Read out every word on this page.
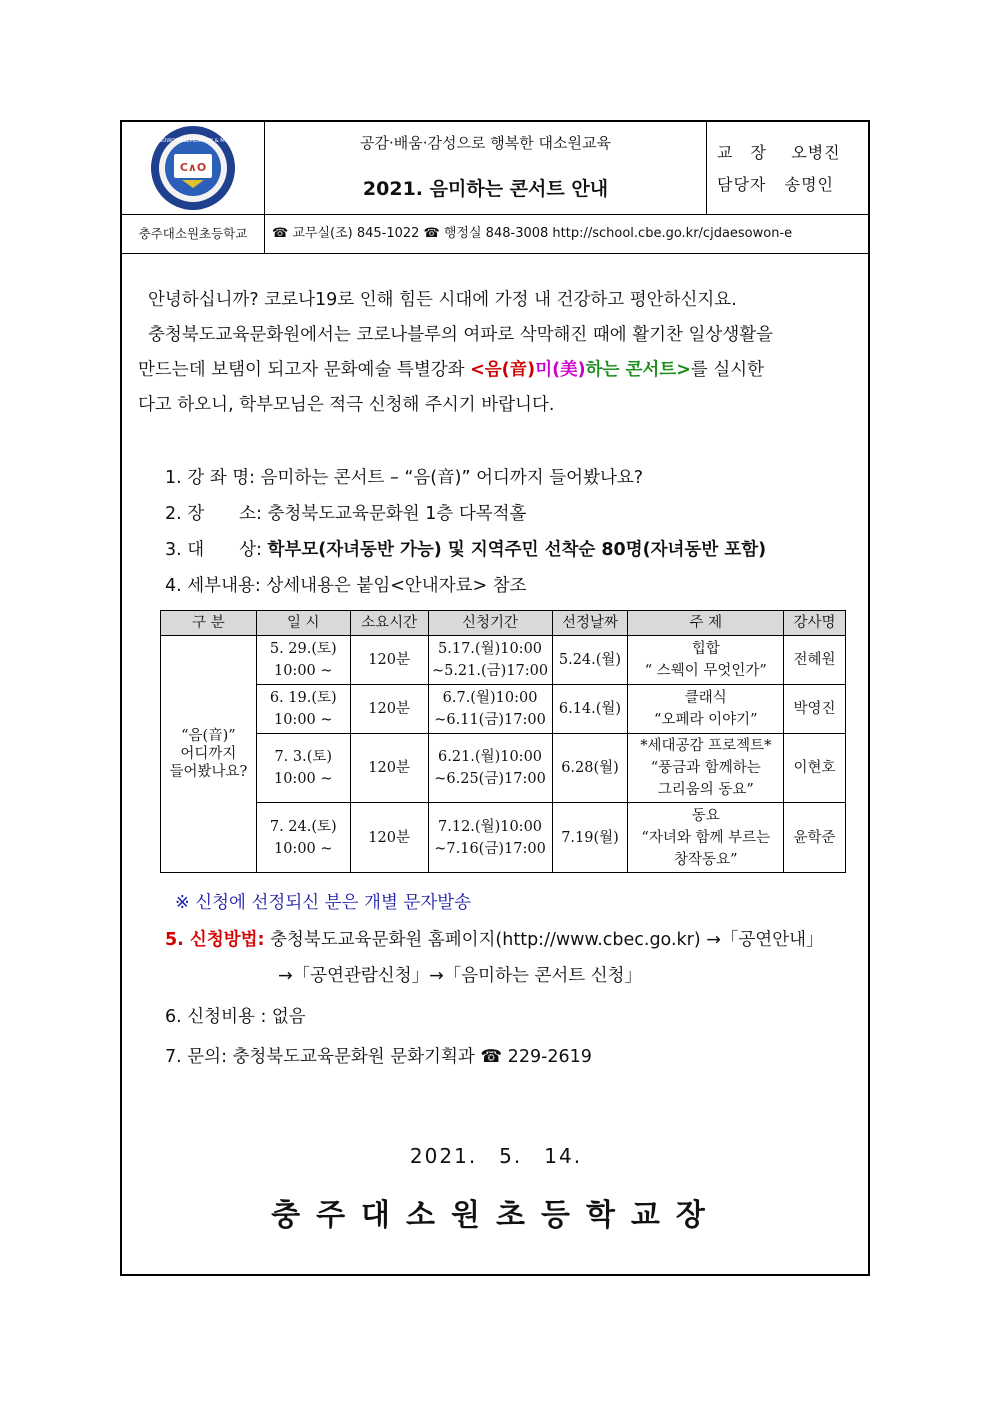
C∧O
CHUNGJU DAESOWON ELEMENTARY & MIDDLE SCHOOL	공감·배움·감성으로 행복한 대소원교육
2021. 음미하는 콘서트 안내
교　장 오병진
담당자 송명인
충주대소원초등학교	☎ 교무실(조) 845-1022 ☎ 행정실 848-3008 http://school.cbe.go.kr/cjdaesowon-e
안녕하십니까? 코로나19로 인해 힘든 시대에 가정 내 건강하고 평안하신지요.
충청북도교육문화원에서는 코로나블루의 여파로 삭막해진 때에 활기찬 일상생활을
만드는데 보탬이 되고자 문화예술 특별강좌 <음(音)미(美)하는 콘서트>를 실시한
다고 하오니, 학부모님은 적극 신청해 주시기 바랍니다.
1. 강 좌 명: 음미하는 콘서트 – “음(音)” 어디까지 들어봤나요?
2. 장　　소: 충청북도교육문화원 1층 다목적홀
3. 대　　상: 학부모(자녀동반 가능) 및 지역주민 선착순 80명(자녀동반 포함)
4. 세부내용: 상세내용은 붙임<안내자료> 참조
구 분	일 시	소요시간	신청기간	선정날짜	주 제	강사명
“음(音)”
어디까지
들어봤나요?	5. 29.(토)
10:00 ~	120분	5.17.(월)10:00
~5.21.(금)17:00	5.24.(월)	힙합
“ 스웩이 무엇인가”	전혜원
	6. 19.(토)
10:00 ~	120분	6.7.(월)10:00
~6.11(금)17:00	6.14.(월)	클래식
“오페라 이야기”	박영진
	7. 3.(토)
10:00 ~	120분	6.21.(월)10:00
~6.25(금)17:00	6.28(월)	*세대공감 프로젝트*
“풍금과 함께하는
그리움의 동요”	이현호
	7. 24.(토)
10:00 ~	120분	7.12.(월)10:00
~7.16(금)17:00	7.19(월)	동요
“자녀와 함께 부르는
창작동요”	윤학준
※ 신청에 선정되신 분은 개별 문자발송
5. 신청방법: 충청북도교육문화원 홈페이지(http://www.cbec.go.kr) →「공연안내」
→「공연관람신청」→「음미하는 콘서트 신청」
6. 신청비용 : 없음
7. 문의: 충청북도교육문화원 문화기획과 ☎ 229-2619
2021.　5.　14.
충주대소원초등학교장
